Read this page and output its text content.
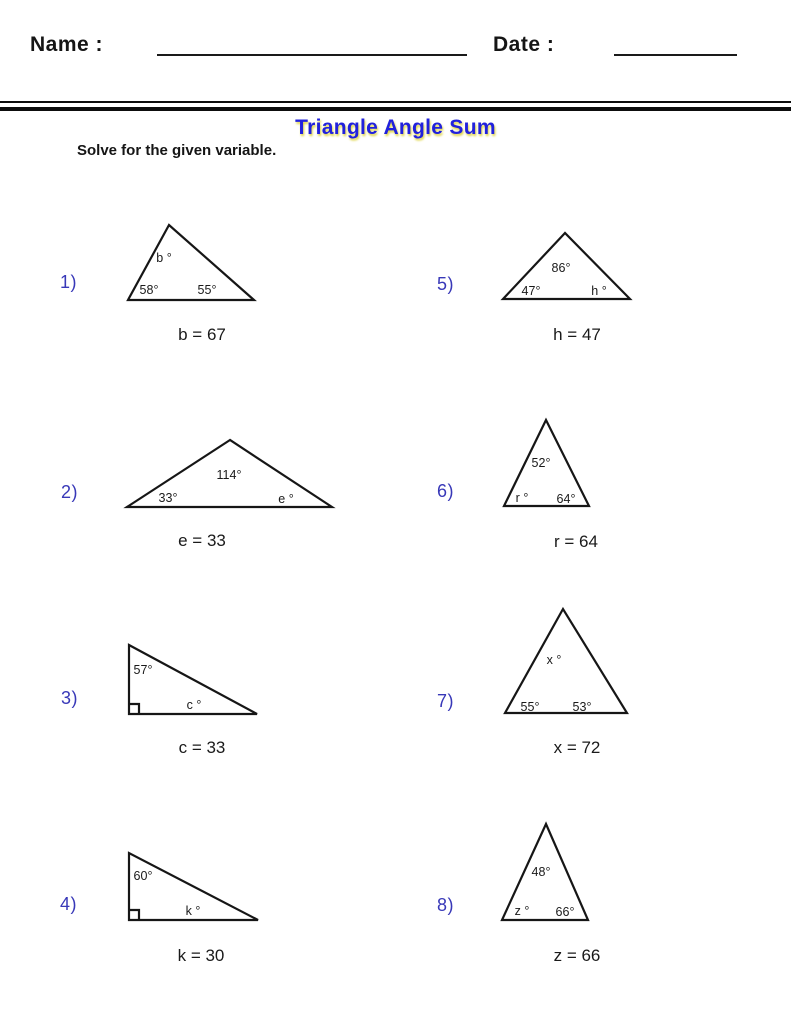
Name :	Date :
Triangle Angle Sum
Solve for the given variable.
1)
b °
58°	55°
b = 67
2)
114°
33°	e °
e = 33
3)
57°
c °
c = 33
4)
60°
k °
k = 30
5)
86°
47°	h °
h = 47
6)
52°
r ° 64°
r = 64
7)
x °
55°	53°
x = 72
8)
48°
z ° 66°
z = 66
